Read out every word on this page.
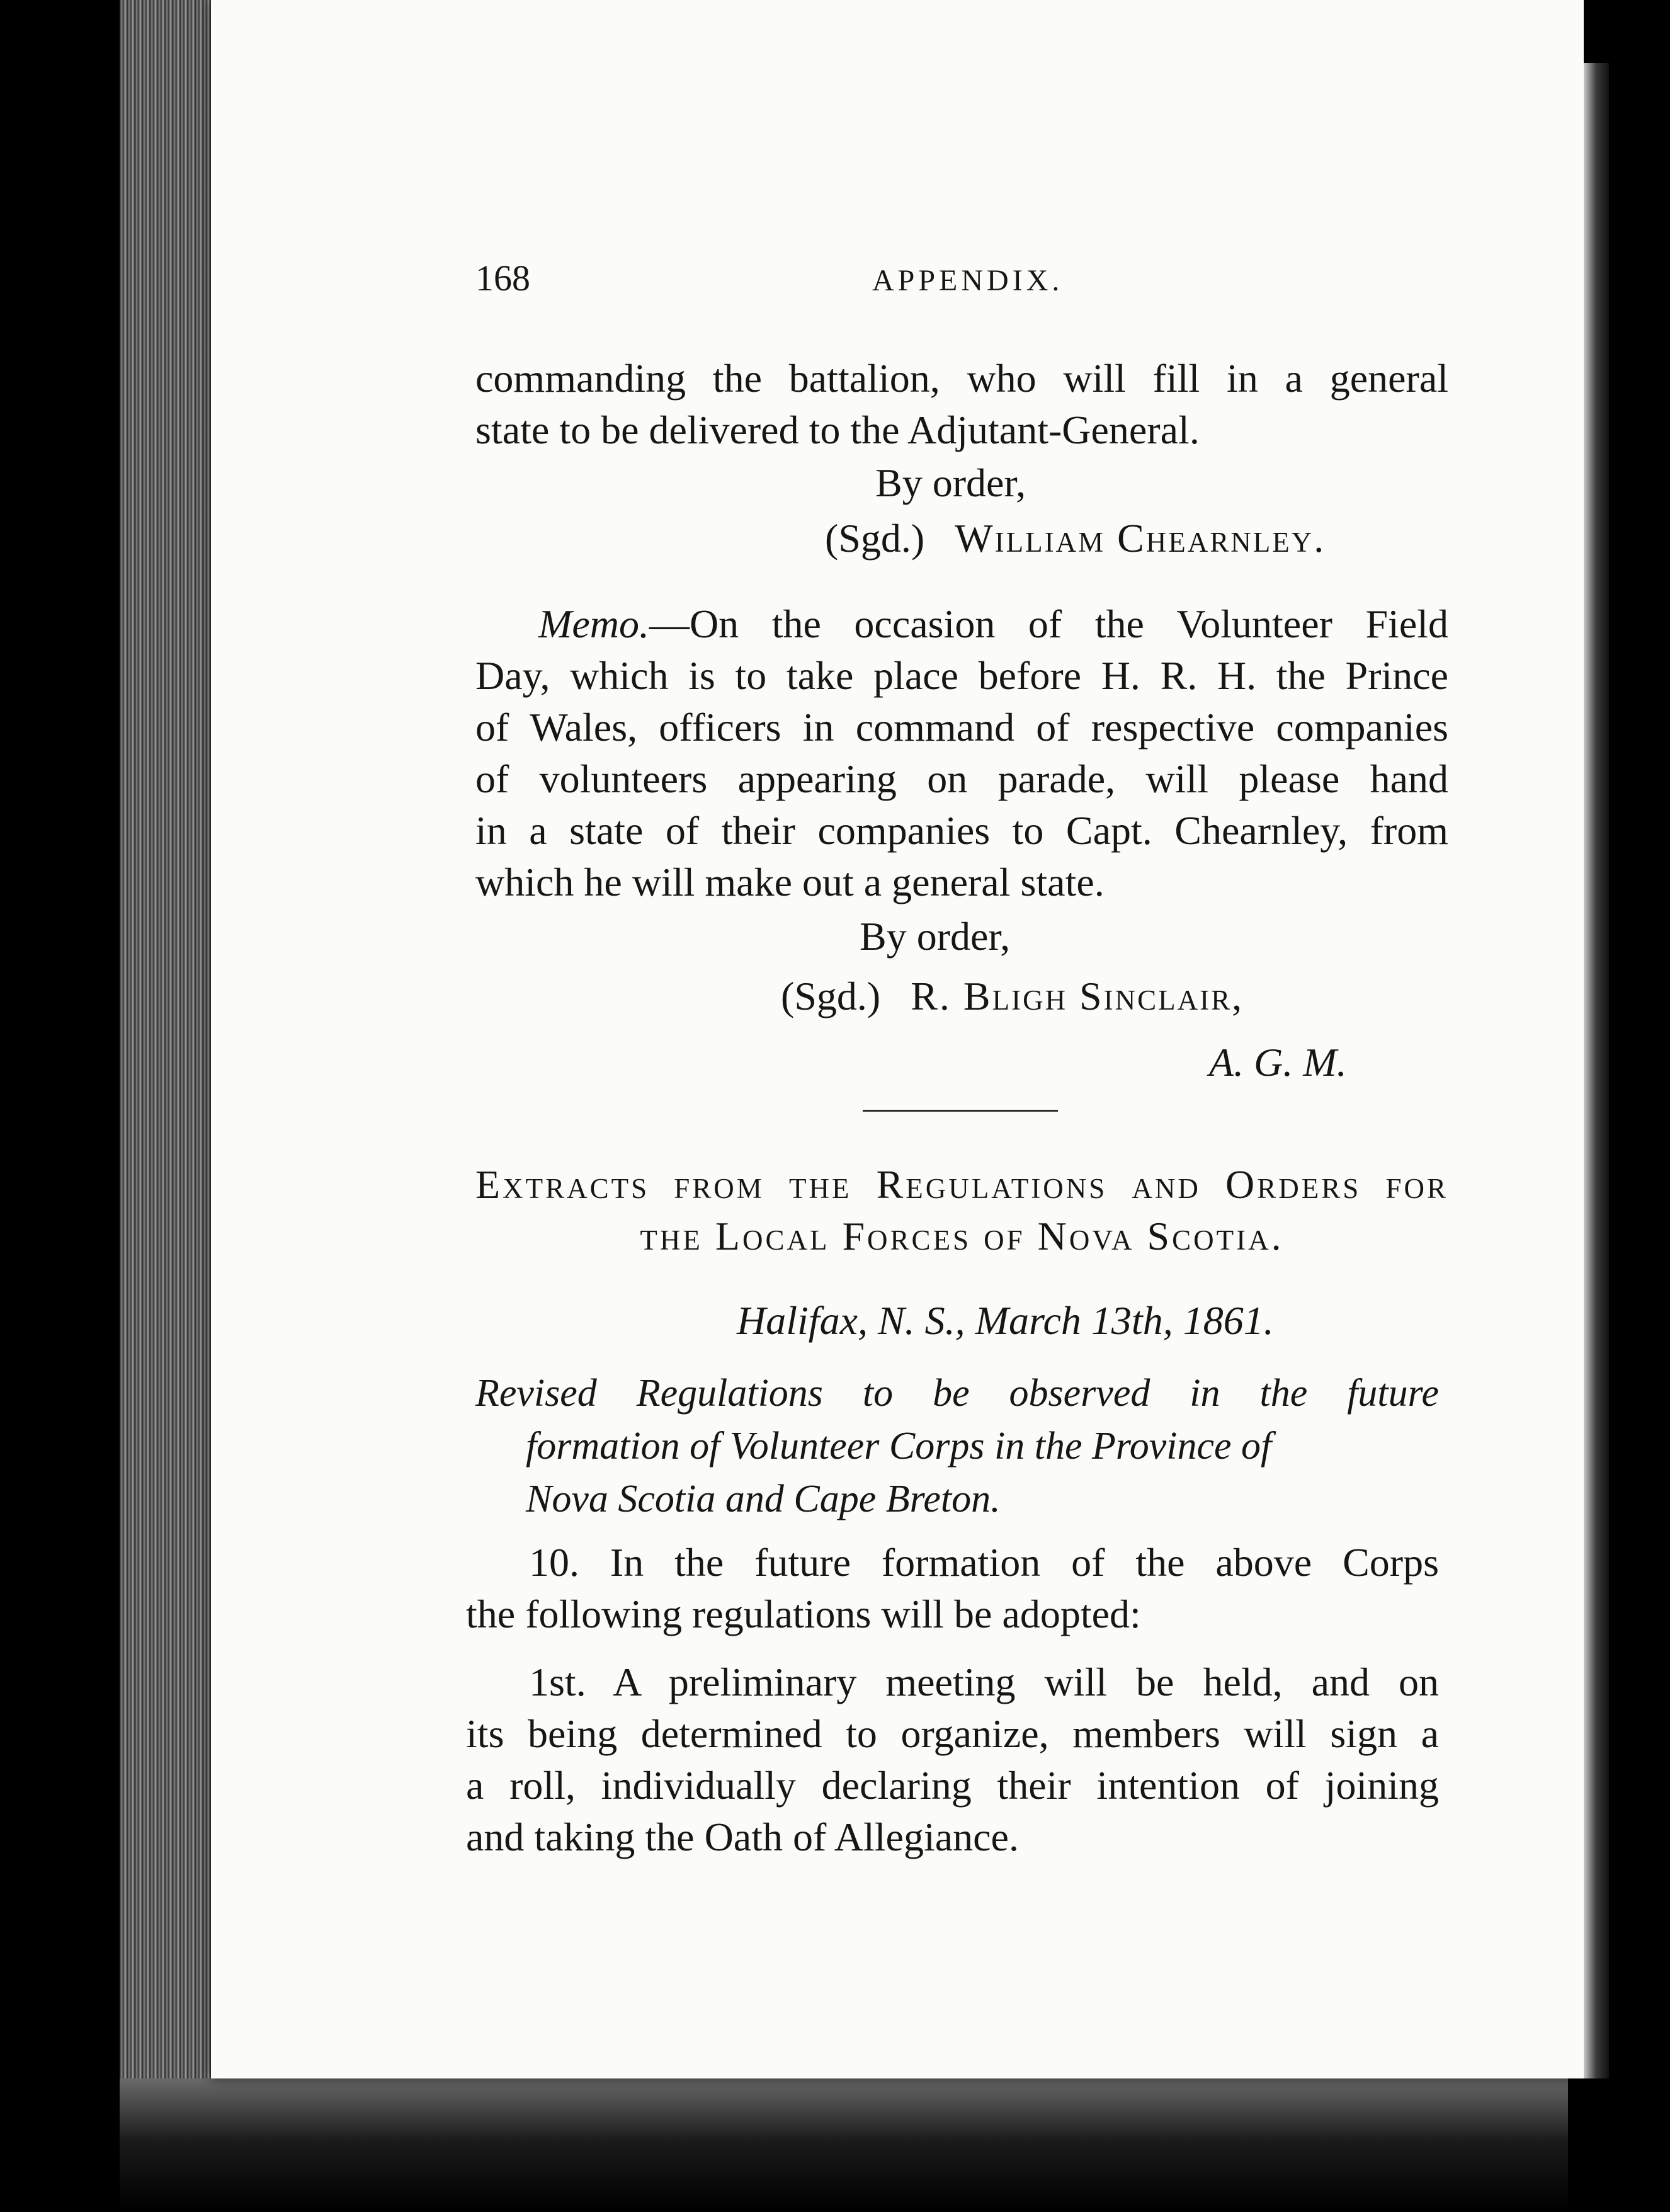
168	APPENDIX.
commanding the battalion, who will fill in a general
state to be delivered to the Adjutant-General.
By order,
(Sgd.) William Chearnley.
Memo.—On the occasion of the Volunteer Field
Day, which is to take place before H. R. H. the Prince
of Wales, officers in command of respective companies
of volunteers appearing on parade, will please hand
in a state of their companies to Capt. Chearnley, from
which he will make out a general state.
By order,
(Sgd.) R. Bligh Sinclair,
A. G. M.
Extracts from the Regulations and Orders for
the Local Forces of Nova Scotia.
Halifax, N. S., March 13th, 1861.
Revised Regulations to be observed in the future
formation of Volunteer Corps in the Province of
Nova Scotia and Cape Breton.
10. In the future formation of the above Corps
the following regulations will be adopted:
1st. A preliminary meeting will be held, and on
its being determined to organize, members will sign a
a roll, individually declaring their intention of joining
and taking the Oath of Allegiance.
